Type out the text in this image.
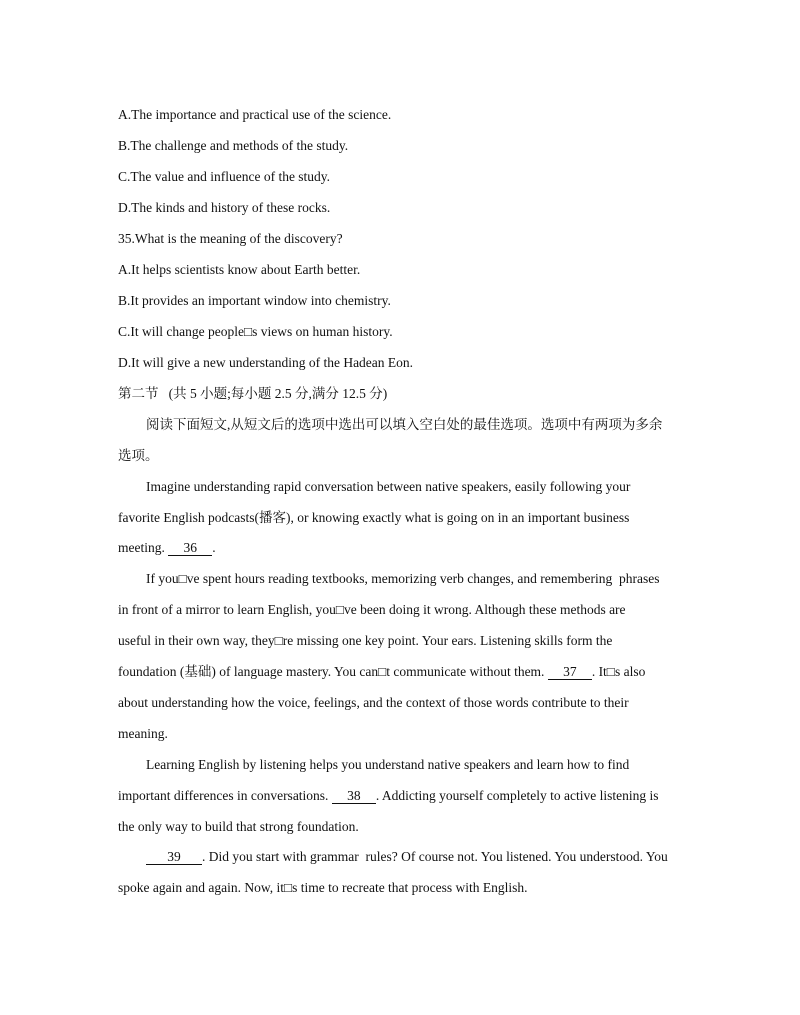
A.The importance and practical use of the science.
B.The challenge and methods of the study.
C.The value and influence of the study.
D.The kinds and history of these rocks.
35.What is the meaning of the discovery?
A.It helps scientists know about Earth better.
B.It provides an important window into chemistry.
C.It will change people□s views on human history.
D.It will give a new understanding of the Hadean Eon.
第二节   (共 5 小题;每小题 2.5 分,满分 12.5 分)
阅读下面短文,从短文后的选项中选出可以填入空白处的最佳选项。选项中有两项为多余
选项。
Imagine understanding rapid conversation between native speakers, easily following your
favorite English podcasts(播客), or knowing exactly what is going on in an important business
meeting. 36 .
If you□ve spent hours reading textbooks, memorizing verb changes, and remembering  phrases
in front of a mirror to learn English, you□ve been doing it wrong. Although these methods are
useful in their own way, they□re missing one key point. Your ears. Listening skills form the
foundation (基础) of language mastery. You can□t communicate without them. 37 . It□s also
about understanding how the voice, feelings, and the context of those words contribute to their
meaning.
Learning English by listening helps you understand native speakers and learn how to find
important differences in conversations. 38 . Addicting yourself completely to active listening is
the only way to build that strong foundation.
39 . Did you start with grammar  rules? Of course not. You listened. You understood. You
spoke again and again. Now, it□s time to recreate that process with English.
